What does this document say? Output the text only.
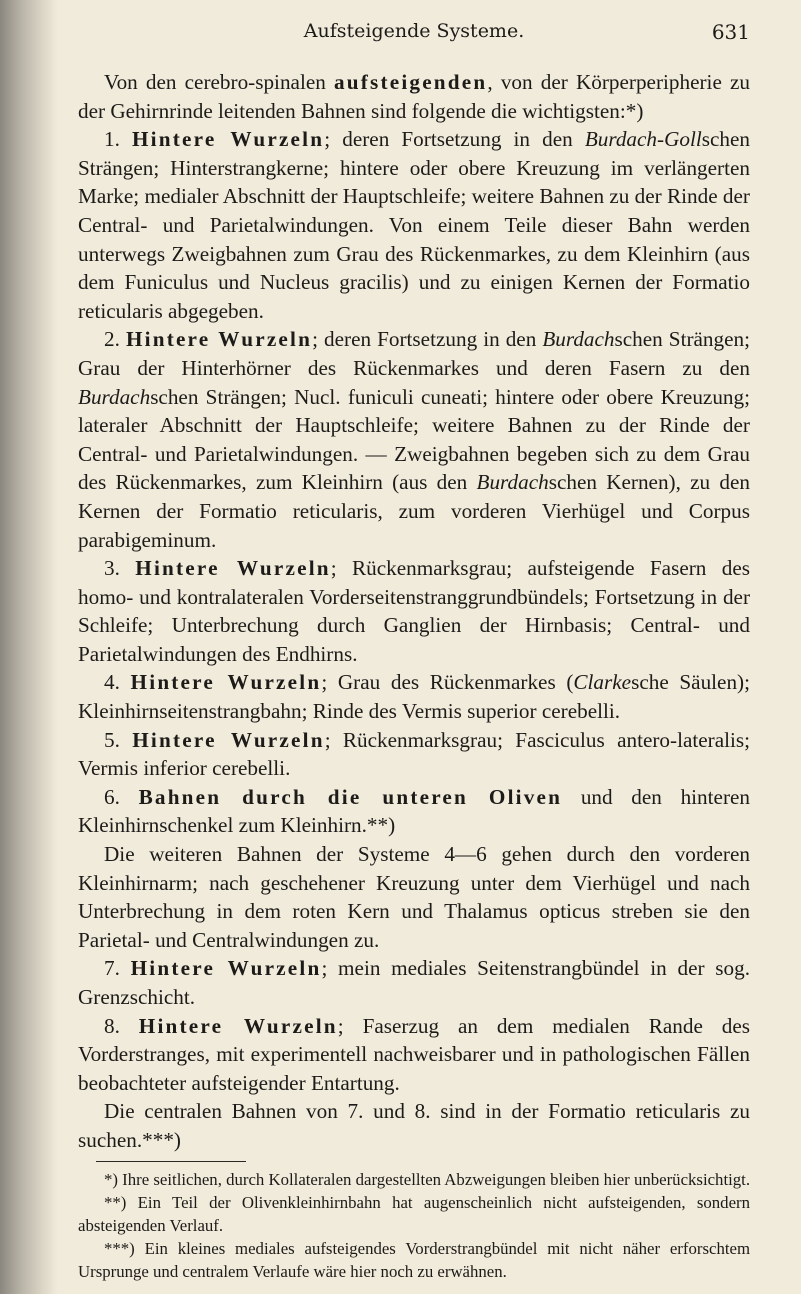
Aufsteigende Systeme.	631

Von den cerebro-spinalen aufsteigenden, von der Körperperipherie zu der Gehirnrinde leitenden Bahnen sind folgende die wichtigsten:*)

1. Hintere Wurzeln; deren Fortsetzung in den Burdach-Gollschen Strängen; Hinterstrangkerne; hintere oder obere Kreuzung im verlängerten Marke; medialer Abschnitt der Hauptschleife; weitere Bahnen zu der Rinde der Central- und Parietalwindungen. Von einem Teile dieser Bahn werden unterwegs Zweigbahnen zum Grau des Rückenmarkes, zu dem Kleinhirn (aus dem Funiculus und Nucleus gracilis) und zu einigen Kernen der Formatio reticularis abgegeben.

2. Hintere Wurzeln; deren Fortsetzung in den Burdachschen Strängen; Grau der Hinterhörner des Rückenmarkes und deren Fasern zu den Burdachschen Strängen; Nucl. funiculi cuneati; hintere oder obere Kreuzung; lateraler Abschnitt der Hauptschleife; weitere Bahnen zu der Rinde der Central- und Parietalwindungen. — Zweigbahnen begeben sich zu dem Grau des Rückenmarkes, zum Kleinhirn (aus den Burdachschen Kernen), zu den Kernen der Formatio reticularis, zum vorderen Vierhügel und Corpus parabigeminum.

3. Hintere Wurzeln; Rückenmarksgrau; aufsteigende Fasern des homo- und kontralateralen Vorderseitenstranggrundbündels; Fortsetzung in der Schleife; Unterbrechung durch Ganglien der Hirnbasis; Central- und Parietalwindungen des Endhirns.

4. Hintere Wurzeln; Grau des Rückenmarkes (Clarkesche Säulen); Kleinhirnseitenstrangbahn; Rinde des Vermis superior cerebelli.

5. Hintere Wurzeln; Rückenmarksgrau; Fasciculus antero-lateralis; Vermis inferior cerebelli.

6. Bahnen durch die unteren Oliven und den hinteren Kleinhirnschenkel zum Kleinhirn.**)

Die weiteren Bahnen der Systeme 4—6 gehen durch den vorderen Kleinhirnarm; nach geschehener Kreuzung unter dem Vierhügel und nach Unterbrechung in dem roten Kern und Thalamus opticus streben sie den Parietal- und Centralwindungen zu.

7. Hintere Wurzeln; mein mediales Seitenstrangbündel in der sog. Grenzschicht.

8. Hintere Wurzeln; Faserzug an dem medialen Rande des Vorderstranges, mit experimentell nachweisbarer und in pathologischen Fällen beobachteter aufsteigender Entartung.

Die centralen Bahnen von 7. und 8. sind in der Formatio reticularis zu suchen.***)

*) Ihre seitlichen, durch Kollateralen dargestellten Abzweigungen bleiben hier unberücksichtigt.

**) Ein Teil der Olivenkleinhirnbahn hat augenscheinlich nicht aufsteigenden, sondern absteigenden Verlauf.

***) Ein kleines mediales aufsteigendes Vorderstrangbündel mit nicht näher erforschtem Ursprunge und centralem Verlaufe wäre hier noch zu erwähnen.
